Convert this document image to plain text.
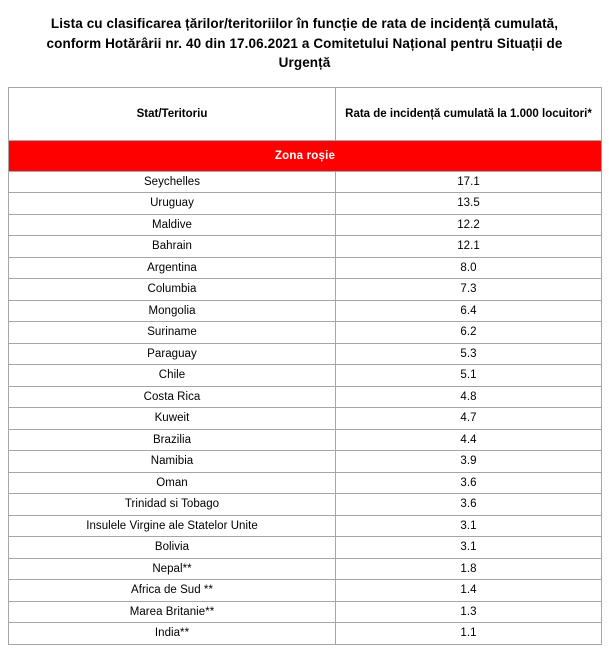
Lista cu clasificarea țărilor/teritoriilor în funcție de rata de incidență cumulată, conform Hotărârii nr. 40 din 17.06.2021 a Comitetului Național pentru Situații de Urgență
Stat/Teritoriu	Rata de incidență cumulată la 1.000 locuitori*
Zona roșie	
Seychelles	17.1
Uruguay	13.5
Maldive	12.2
Bahrain	12.1
Argentina	8.0
Columbia	7.3
Mongolia	6.4
Suriname	6.2
Paraguay	5.3
Chile	5.1
Costa Rica	4.8
Kuweit	4.7
Brazilia	4.4
Namibia	3.9
Oman	3.6
Trinidad si Tobago	3.6
Insulele Virgine ale Statelor Unite	3.1
Bolivia	3.1
Nepal**	1.8
Africa de Sud **	1.4
Marea Britanie**	1.3
India**	1.1
